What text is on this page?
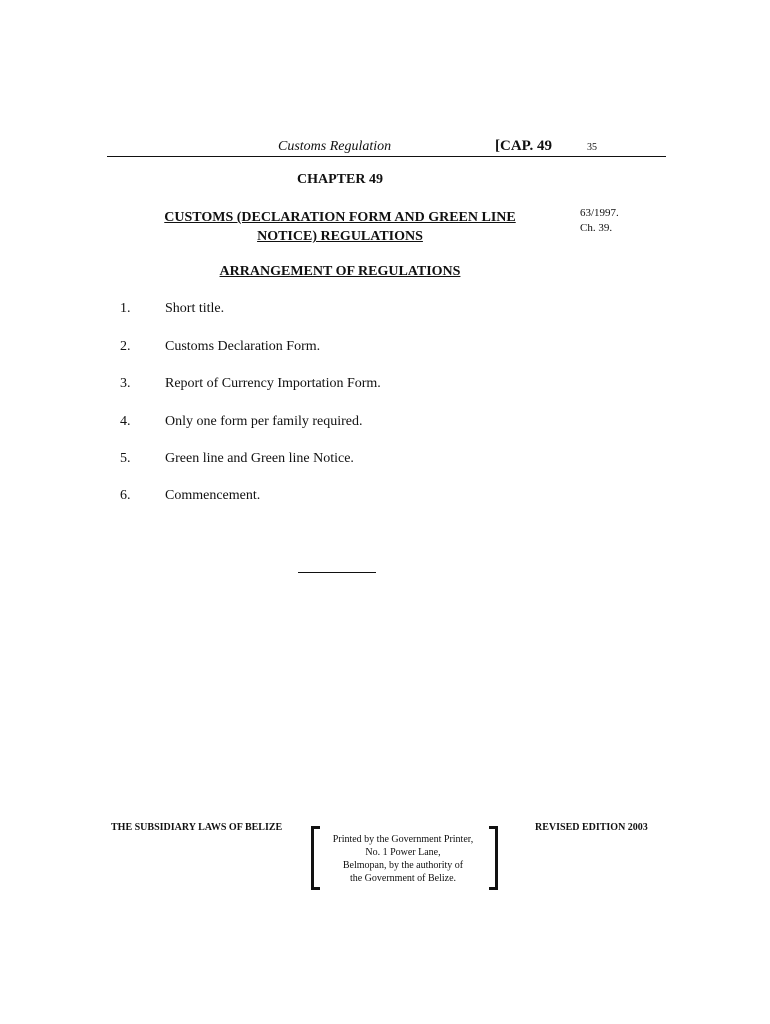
Customs Regulation	[CAP. 49	35
CHAPTER 49
CUSTOMS (DECLARATION FORM AND GREEN LINE
NOTICE) REGULATIONS
63/1997.
Ch. 39.
ARRANGEMENT OF REGULATIONS
1. Short title.
2. Customs Declaration Form.
3. Report of Currency Importation Form.
4. Only one form per family required.
5. Green line and Green line Notice.
6. Commencement.
THE SUBSIDIARY LAWS OF BELIZE	REVISED EDITION 2003
Printed by the Government Printer,
No. 1 Power Lane,
Belmopan, by the authority of
the Government of Belize.
